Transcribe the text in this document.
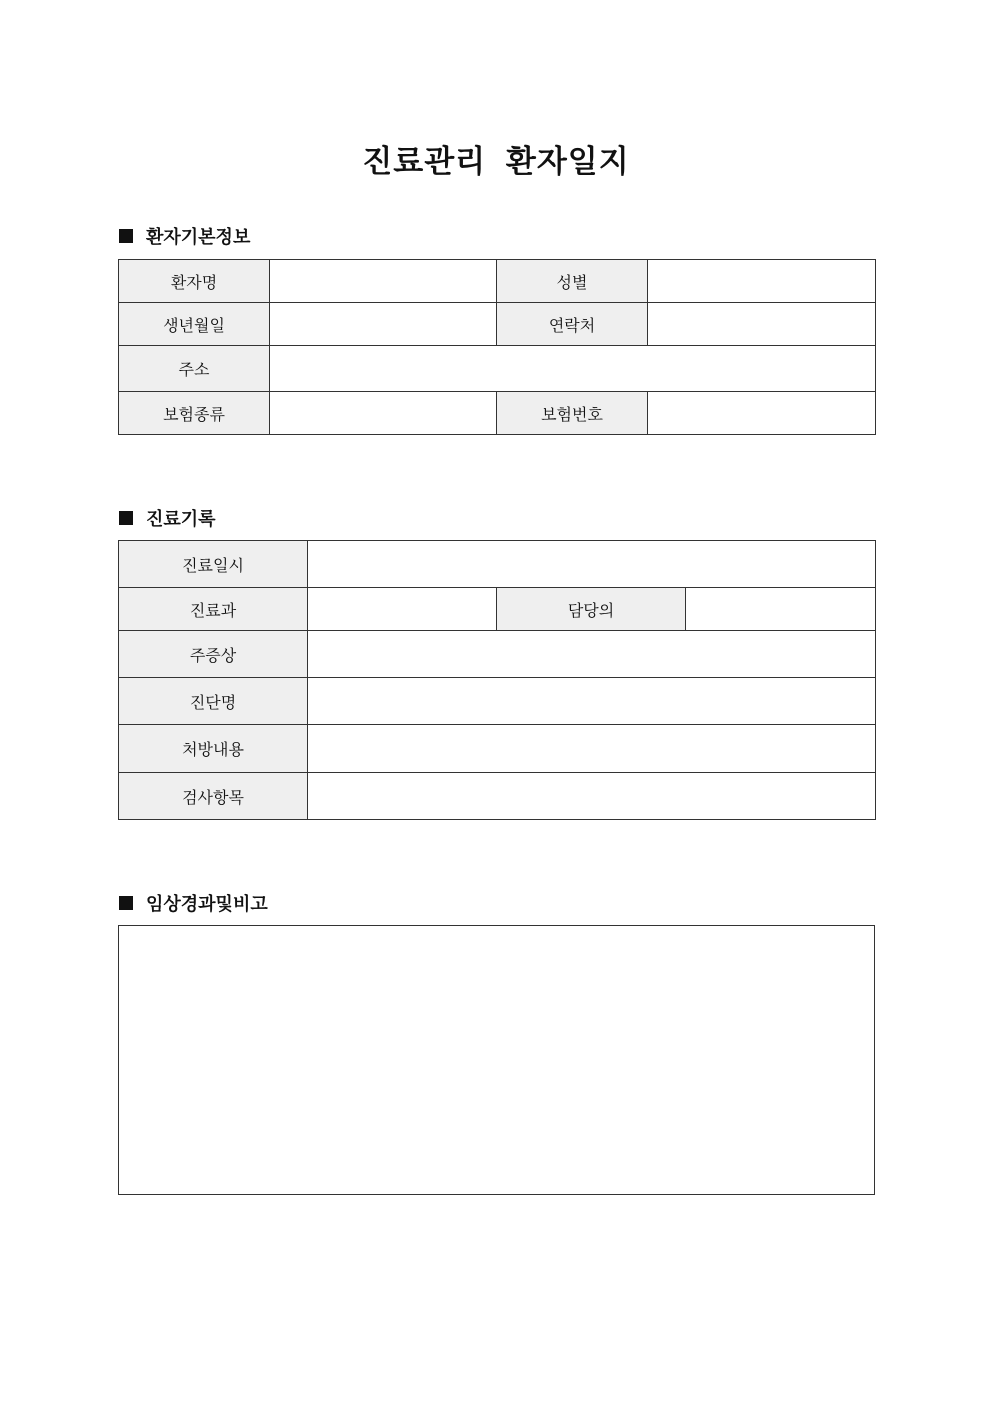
진료관리 환자일지
환자기본정보
환자명		성별	
생년월일		연락처	
주소			
보험종류		보험번호	
진료기록
진료일시			
진료과		담당의	
주증상			
진단명			
처방내용			
검사항목			
임상경과및비고
